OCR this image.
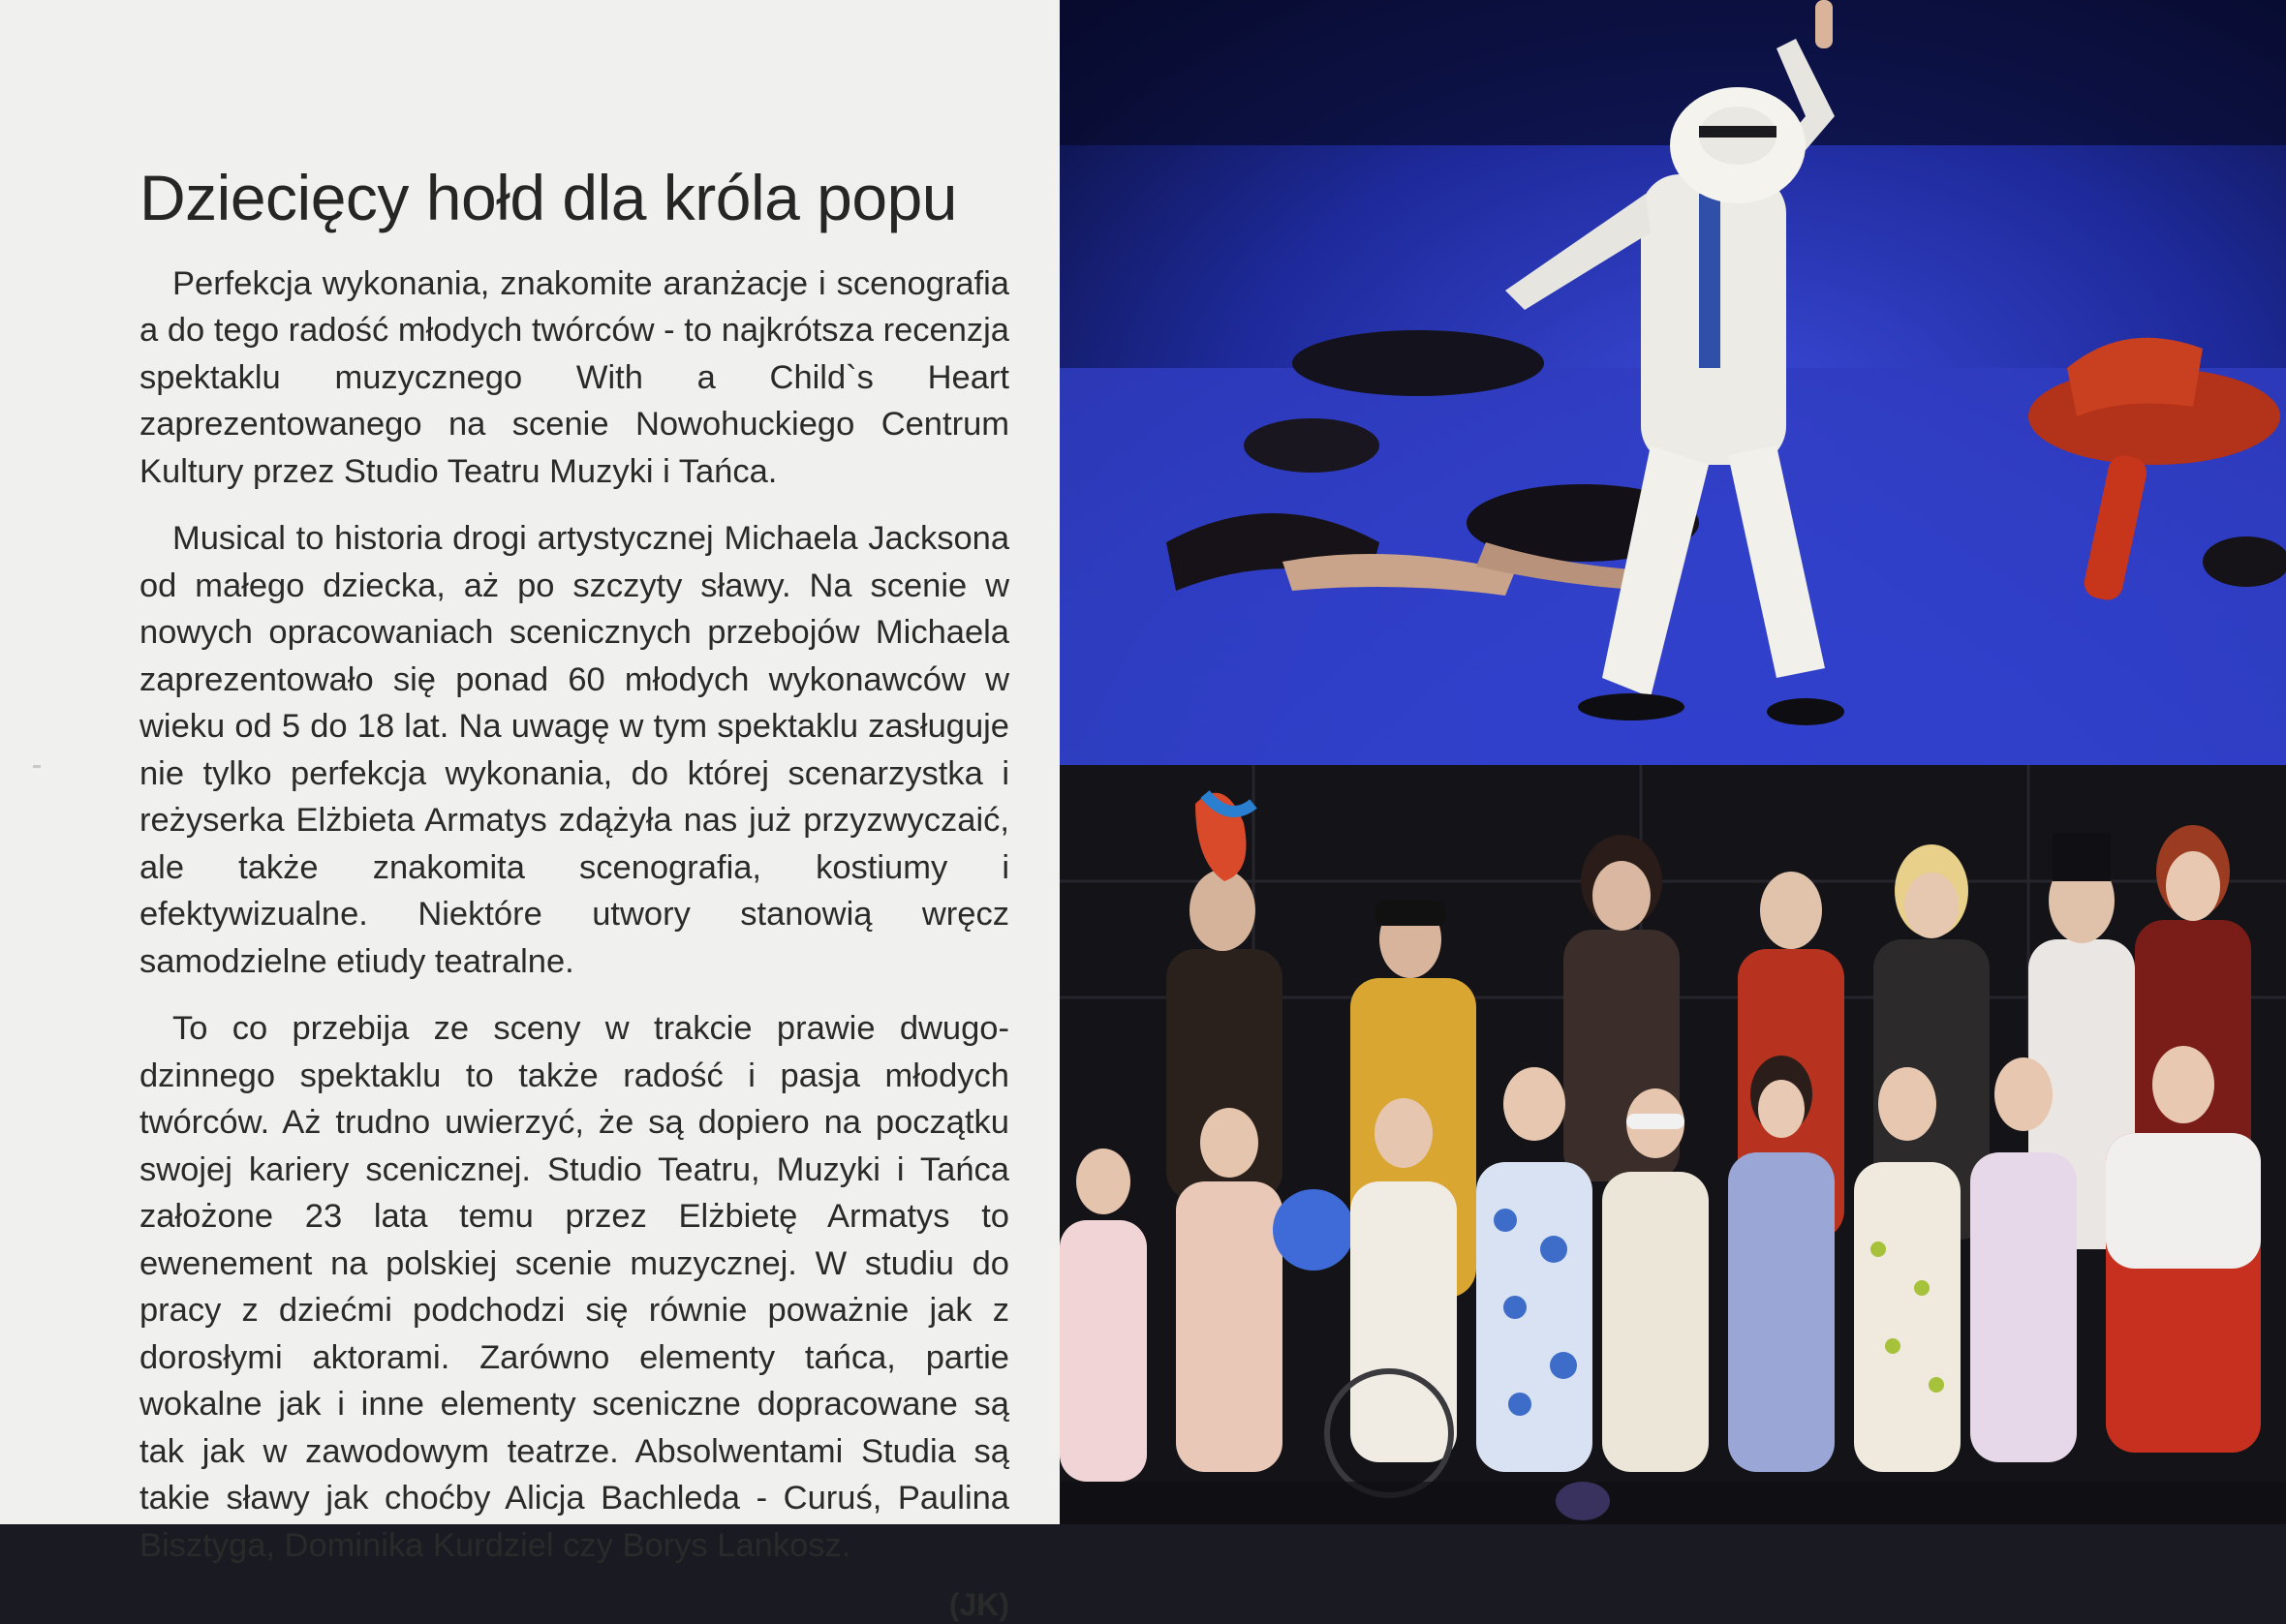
Dziecięcy hołd dla króla popu

Perfekcja wykonania, znakomite aranżacje i scenografia a do tego radość młodych twórców - to najkrótsza recenzja spektaklu muzycznego With a Child`s Heart zaprezentowanego na scenie Nowohuckiego Centrum Kultury przez Studio Teatru Muzyki i Tańca.

Musical to historia drogi artystycznej Michaela Jacksona od małego dziecka, aż po szczyty sławy. Na scenie w nowych opracowaniach scenicznych przebojów Michaela zaprezentowało się ponad 60 młodych wykonawców w wieku od 5 do 18 lat. Na uwagę w tym spektaklu zasługuje nie tylko perfekcja wykonania, do której scenarzystka i reżyserka Elżbieta Armatys zdążyła nas już przyzwyczaić, ale także znakomita scenografia, kostiumy i efektywizualne. Niektóre utwory stanowią wręcz samodzielne etiudy teatralne.

To co przebija ze sceny w trakcie prawie dwugodzinnego spektaklu to także radość i pasja młodych twórców. Aż trudno uwierzyć, że są dopiero na początku swojej kariery scenicznej. Studio Teatru, Muzyki i Tańca założone 23 lata temu przez Elżbietę Armatys to ewenement na polskiej scenie muzycznej. W studiu do pracy z dziećmi podchodzi się równie poważnie jak z dorosłymi aktorami. Zarówno elementy tańca, partie wokalne jak i inne elementy sceniczne dopracowane są tak jak w zawodowym teatrze. Absolwentami Studia są takie sławy jak choćby Alicja Bachleda - Curuś, Paulina Bisztyga, Dominika Kurdziel czy Borys Lankosz.

(JK)
